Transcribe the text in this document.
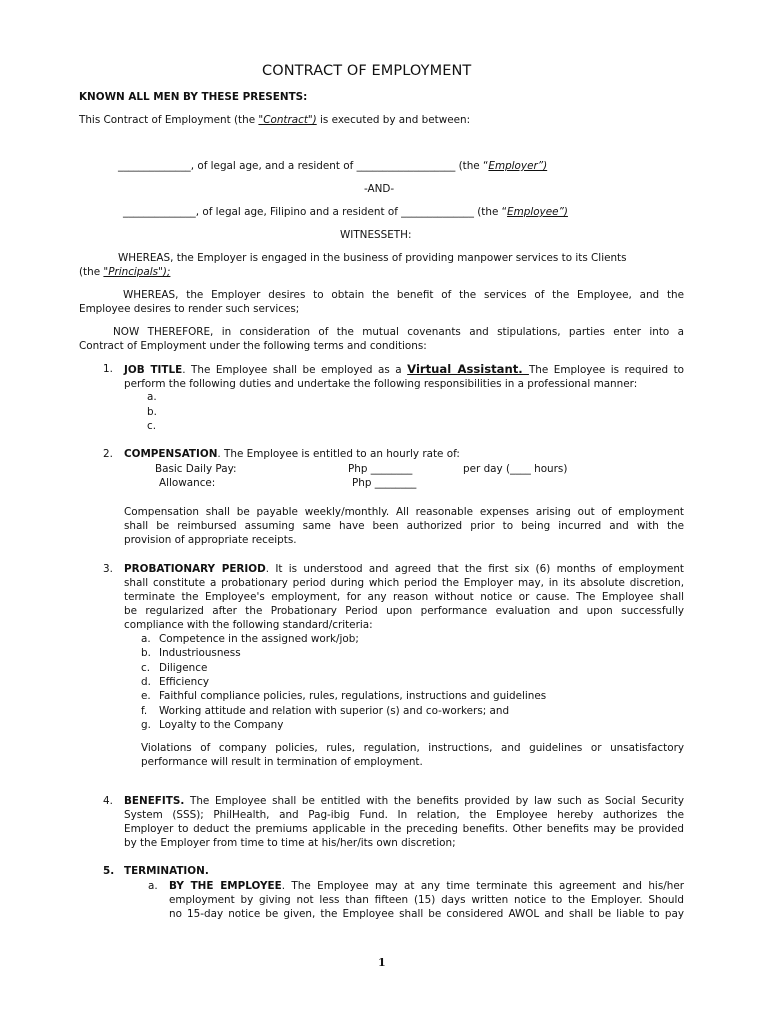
CONTRACT OF EMPLOYMENT
KNOWN ALL MEN BY THESE PRESENTS:
This Contract of Employment (the "Contract") is executed by and between:
______________, of legal age, and a resident of ___________________ (the “Employer”)
-AND-
______________, of legal age, Filipino and a resident of ______________ (the “Employee”)
WITNESSETH:
WHEREAS, the Employer is engaged in the business of providing manpower services to its Clients
(the "Principals");
WHEREAS, the Employer desires to obtain the benefit of the services of the Employee, and the
Employee desires to render such services;
NOW THEREFORE, in consideration of the mutual covenants and stipulations, parties enter into a
Contract of Employment under the following terms and conditions:
1. JOB TITLE. The Employee shall be employed as a Virtual Assistant. The Employee is required to
perform the following duties and undertake the following responsibilities in a professional manner:
a.
b.
c.
2. COMPENSATION. The Employee is entitled to an hourly rate of:
Basic Daily Pay:	Php ________	per day (____ hours)
Allowance:	Php ________
Compensation shall be payable weekly/monthly. All reasonable expenses arising out of employment
shall be reimbursed assuming same have been authorized prior to being incurred and with the
provision of appropriate receipts.
3. PROBATIONARY PERIOD. It is understood and agreed that the first six (6) months of employment
shall constitute a probationary period during which period the Employer may, in its absolute discretion,
terminate the Employee's employment, for any reason without notice or cause. The Employee shall
be regularized after the Probationary Period upon performance evaluation and upon successfully
compliance with the following standard/criteria:
a. Competence in the assigned work/job;
b. Industriousness
c. Diligence
d. Efficiency
e. Faithful compliance policies, rules, regulations, instructions and guidelines
f. Working attitude and relation with superior (s) and co-workers; and
g. Loyalty to the Company
Violations of company policies, rules, regulation, instructions, and guidelines or unsatisfactory
performance will result in termination of employment.
4. BENEFITS. The Employee shall be entitled with the benefits provided by law such as Social Security
System (SSS); PhilHealth, and Pag-ibig Fund. In relation, the Employee hereby authorizes the
Employer to deduct the premiums applicable in the preceding benefits. Other benefits may be provided
by the Employer from time to time at his/her/its own discretion;
5. TERMINATION.
a. BY THE EMPLOYEE. The Employee may at any time terminate this agreement and his/her
employment by giving not less than fifteen (15) days written notice to the Employer. Should
no 15-day notice be given, the Employee shall be considered AWOL and shall be liable to pay
1
